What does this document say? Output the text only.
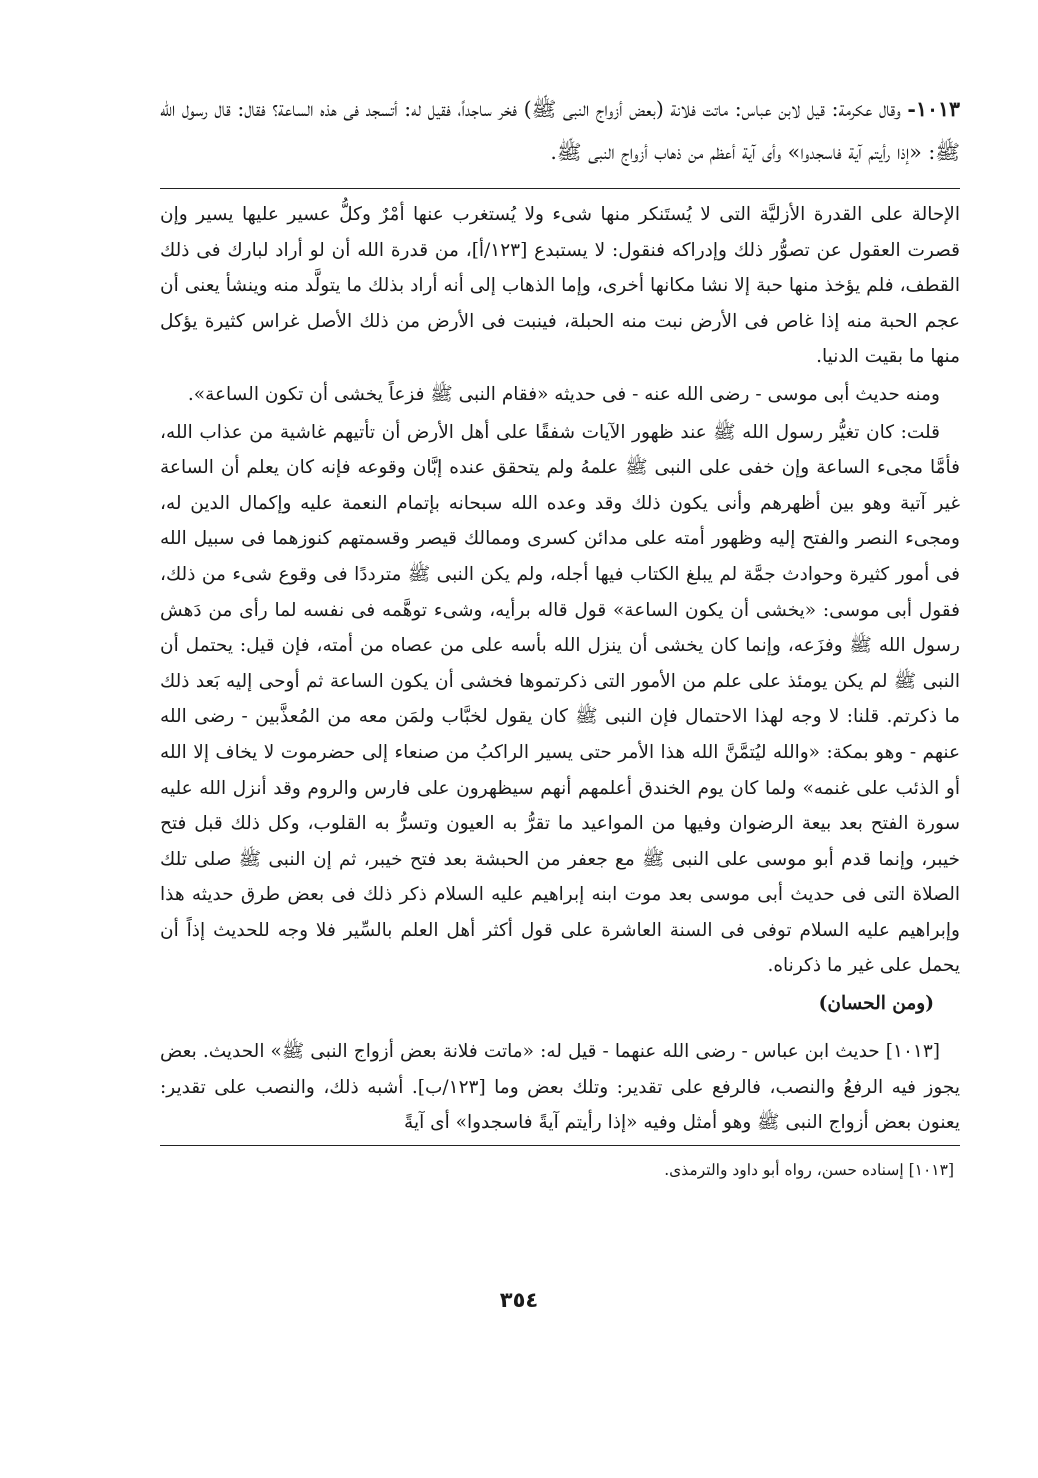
١٠١٣- وقال عكرمة: قيل لابن عباس: ماتت فلانة (بعض أزواج النبى ﷺ) فخر ساجداً، فقيل له: أتسجد فى هذه الساعة؟ فقال: قال رسول الله ﷺ: «إذا رأيتم آية فاسجدوا» وأى آية أعظم من ذهاب أزواج النبى ﷺ.

الإحالة على القدرة الأزليَّة التى لا يُستَنكر منها شىء ولا يُستغرب عنها أمْرٌ وكلُّ عسير عليها يسير وإن قصرت العقول عن تصوُّر ذلك وإدراكه فنقول: لا يستبدع [١٢٣/أ]، من قدرة الله أن لو أراد لبارك فى ذلك القطف، فلم يؤخذ منها حبة إلا نشا مكانها أخرى، وإما الذهاب إلى أنه أراد بذلك ما يتولَّد منه وينشأ يعنى أن عجم الحبة منه إذا غاص فى الأرض نبت منه الحبلة، فينبت فى الأرض من ذلك الأصل غراس كثيرة يؤكل منها ما بقيت الدنيا.

ومنه حديث أبى موسى - رضى الله عنه - فى حديثه «فقام النبى ﷺ فزعاً يخشى أن تكون الساعة».

قلت: كان تغيُّر رسول الله ﷺ عند ظهور الآيات شفقًا على أهل الأرض أن تأتيهم غاشية من عذاب الله، فأمَّا مجىء الساعة وإن خفى على النبى ﷺ علمهُ ولم يتحقق عنده إبَّان وقوعه فإنه كان يعلم أن الساعة غير آتية وهو بين أظهرهم وأنى يكون ذلك وقد وعده الله سبحانه بإتمام النعمة عليه وإكمال الدين له، ومجىء النصر والفتح إليه وظهور أمته على مدائن كسرى وممالك قيصر وقسمتهم كنوزهما فى سبيل الله فى أمور كثيرة وحوادث جمَّة لم يبلغ الكتاب فيها أجله، ولم يكن النبى ﷺ مترددًا فى وقوع شىء من ذلك، فقول أبى موسى: «يخشى أن يكون الساعة» قول قاله برأيه، وشىء توهَّمه فى نفسه لما رأى من دَهش رسول الله ﷺ وفزَعه، وإنما كان يخشى أن ينزل الله بأسه على من عصاه من أمته، فإن قيل: يحتمل أن النبى ﷺ لم يكن يومئذ على علم من الأمور التى ذكرتموها فخشى أن يكون الساعة ثم أوحى إليه بَعد ذلك ما ذكرتم. قلنا: لا وجه لهذا الاحتمال فإن النبى ﷺ كان يقول لخبَّاب ولمَن معه من المُعذَّبين - رضى الله عنهم - وهو بمكة: «والله ليُتمَّنَّ الله هذا الأمر حتى يسير الراكبُ من صنعاء إلى حضرموت لا يخاف إلا الله أو الذئب على غنمه» ولما كان يوم الخندق أعلمهم أنهم سيظهرون على فارس والروم وقد أنزل الله عليه سورة الفتح بعد بيعة الرضوان وفيها من المواعيد ما تقرُّ به العيون وتسرُّ به القلوب، وكل ذلك قبل فتح خيبر، وإنما قدم أبو موسى على النبى ﷺ مع جعفر من الحبشة بعد فتح خيبر، ثم إن النبى ﷺ صلى تلك الصلاة التى فى حديث أبى موسى بعد موت ابنه إبراهيم عليه السلام ذكر ذلك فى بعض طرق حديثه هذا وإبراهيم عليه السلام توفى فى السنة العاشرة على قول أكثر أهل العلم بالسِّير فلا وجه للحديث إذاً أن يحمل على غير ما ذكرناه.

(ومن الحسان)

[١٠١٣] حديث ابن عباس - رضى الله عنهما - قيل له: «ماتت فلانة بعض أزواج النبى ﷺ» الحديث. بعض يجوز فيه الرفعُ والنصب، فالرفع على تقدير: وتلك بعض وما [١٢٣/ب]. أشبه ذلك، والنصب على تقدير: يعنون بعض أزواج النبى ﷺ وهو أمثل وفيه «إذا رأيتم آيةً فاسجدوا» أى آيةً

[١٠١٣] إسناده حسن، رواه أبو داود والترمذى.

٣٥٤
